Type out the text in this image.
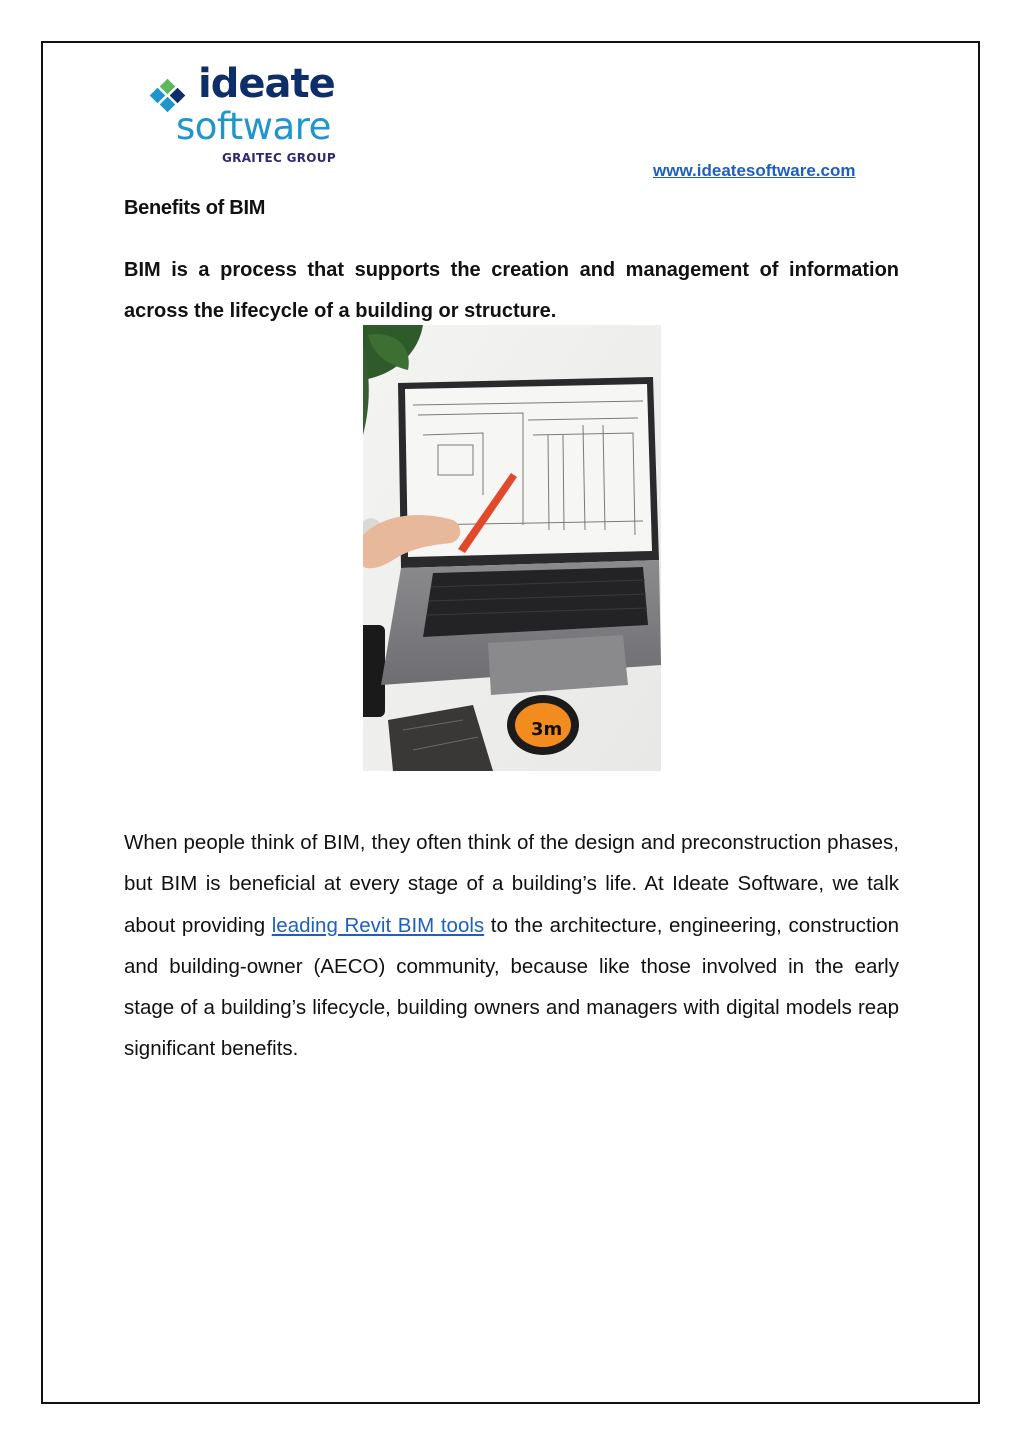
ideate
software
GRAITEC GROUP
www.ideatesoftware.com
Benefits of BIM
BIM is a process that supports the creation and management of information across the lifecycle of a building or structure.
3m
When people think of BIM, they often think of the design and preconstruction phases, but BIM is beneficial at every stage of a building’s life. At Ideate Software, we talk about providing leading Revit BIM tools to the architecture, engineering, construction and building-owner (AECO) community, because like those involved in the early stage of a building’s lifecycle, building owners and managers with digital models reap significant benefits.
